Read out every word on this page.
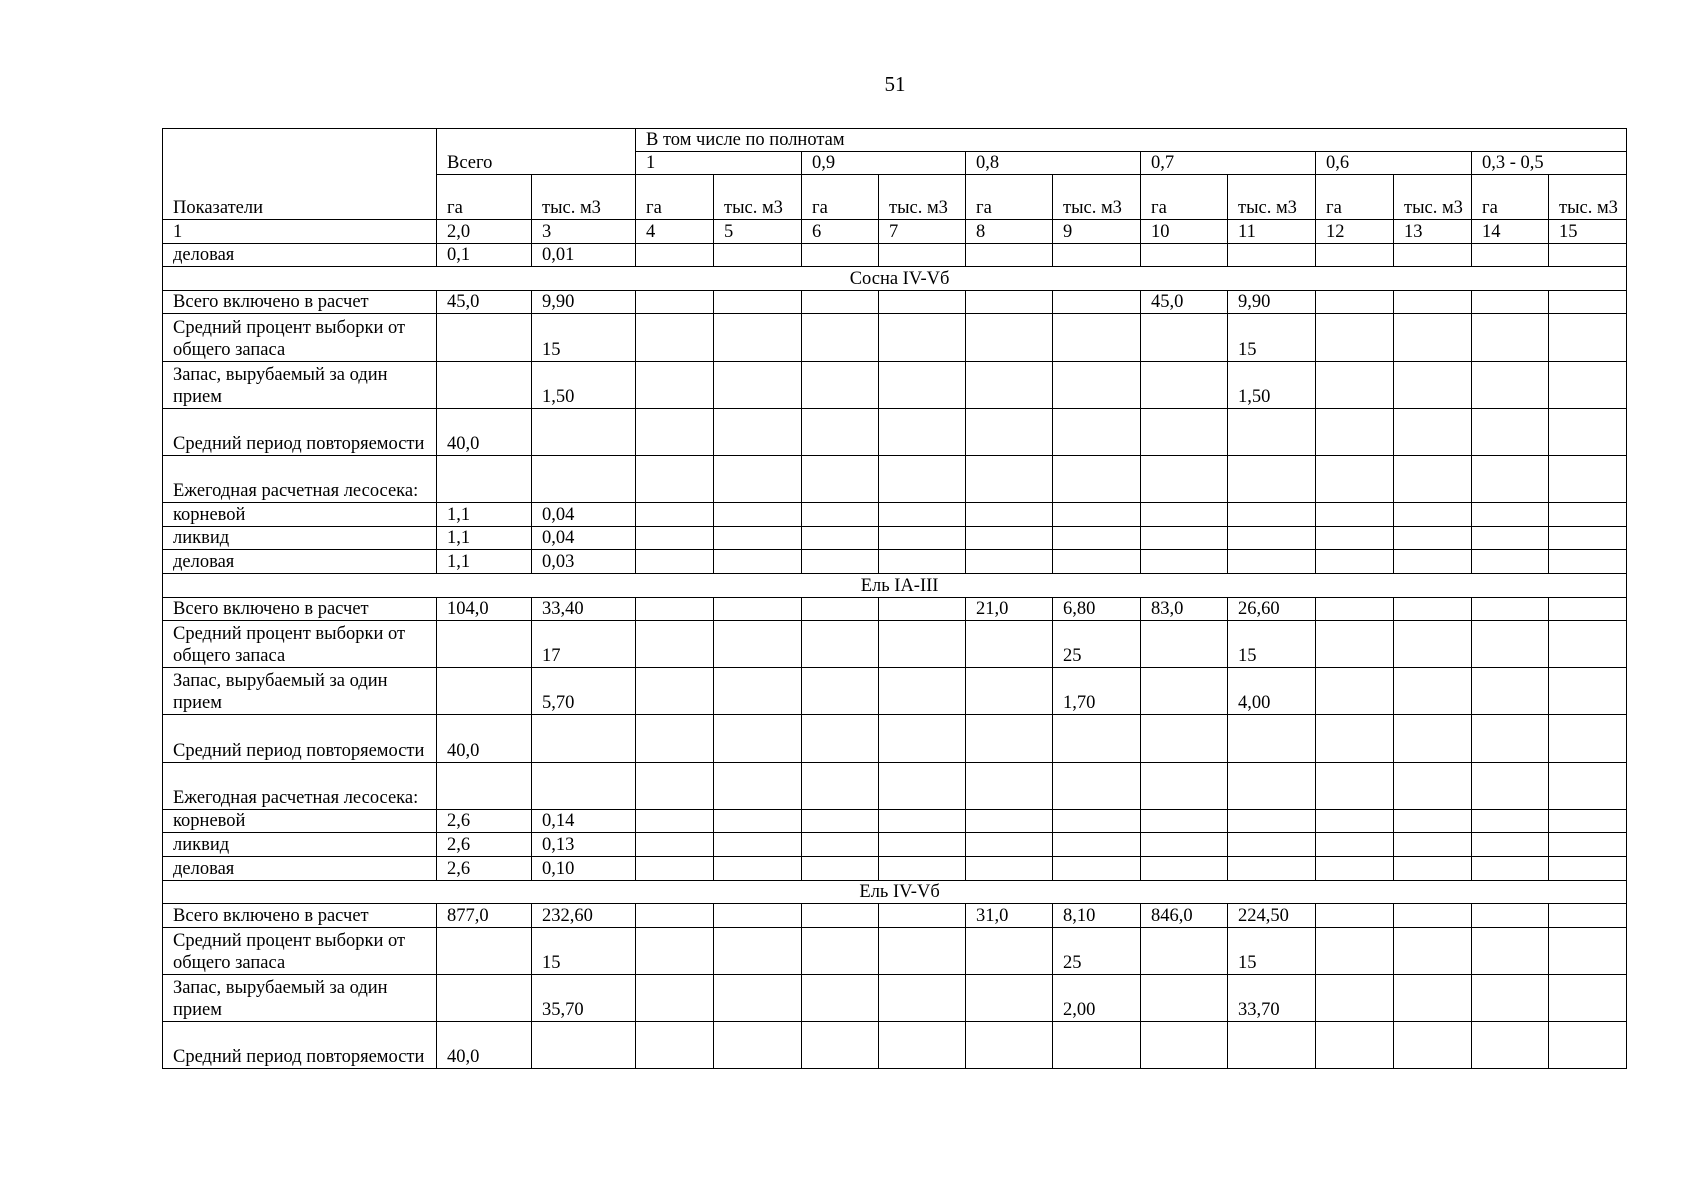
51
Показатели	Всего		В том числе по полнотам											
			1		0,9		0,8		0,7		0,6		0,3 - 0,5	
	га	тыс. м3	га	тыс. м3	га	тыс. м3	га	тыс. м3	га	тыс. м3	га	тыс. м3	га	тыс. м3
1	2,0	3	4	5	6	7	8	9	10	11	12	13	14	15
деловая	0,1	0,01												
Сосна IV-Vб														
Всего включено в расчет	45,0	9,90							45,0	9,90				
Средний процент выборки от общего запаса		15								15				
Запас, вырубаемый за один прием		1,50								1,50				
Средний период повторяемости	40,0													
Ежегодная расчетная лесосека:														
корневой	1,1	0,04												
ликвид	1,1	0,04												
деловая	1,1	0,03												
Ель IA-III														
Всего включено в расчет	104,0	33,40					21,0	6,80	83,0	26,60				
Средний процент выборки от общего запаса		17						25		15				
Запас, вырубаемый за один прием		5,70						1,70		4,00				
Средний период повторяемости	40,0													
Ежегодная расчетная лесосека:														
корневой	2,6	0,14												
ликвид	2,6	0,13												
деловая	2,6	0,10												
Ель IV-Vб														
Всего включено в расчет	877,0	232,60					31,0	8,10	846,0	224,50				
Средний процент выборки от общего запаса		15						25		15				
Запас, вырубаемый за один прием		35,70						2,00		33,70				
Средний период повторяемости	40,0													
